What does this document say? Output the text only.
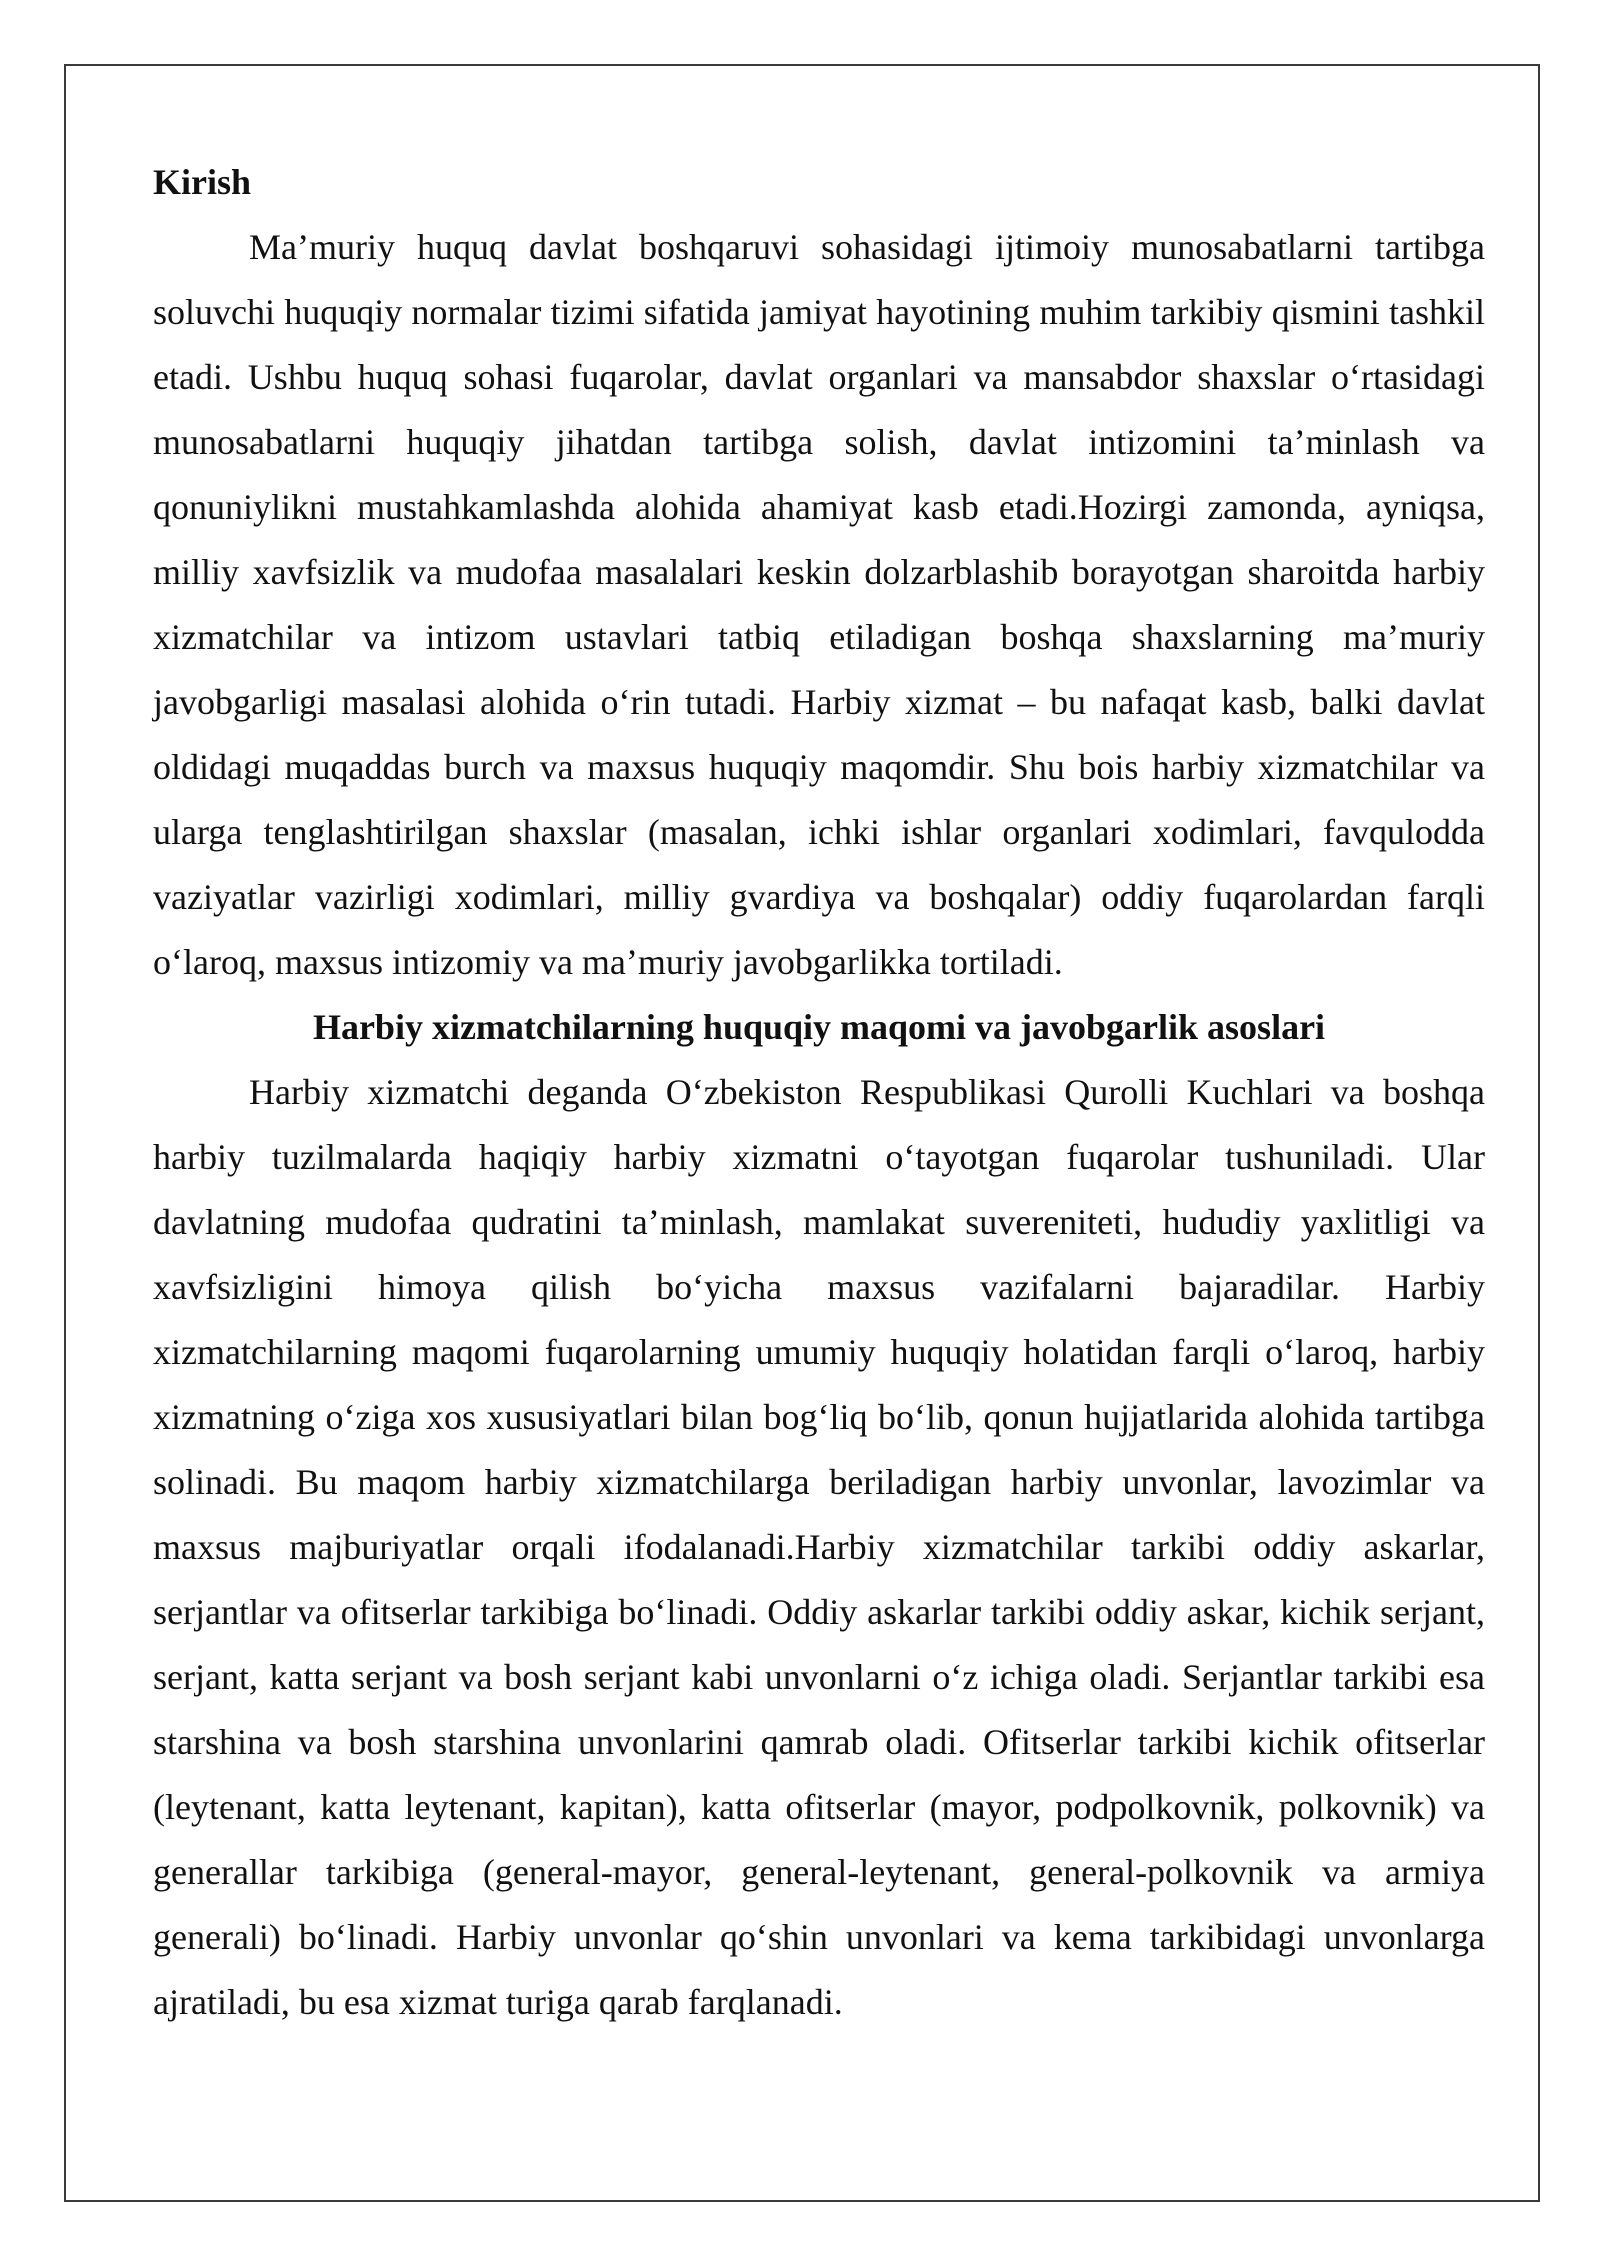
Kirish

Ma’muriy huquq davlat boshqaruvi sohasidagi ijtimoiy munosabatlarni tartibga soluvchi huquqiy normalar tizimi sifatida jamiyat hayotining muhim tarkibiy qismini tashkil etadi. Ushbu huquq sohasi fuqarolar, davlat organlari va mansabdor shaxslar o‘rtasidagi munosabatlarni huquqiy jihatdan tartibga solish, davlat intizomini ta’minlash va qonuniylikni mustahkamlashda alohida ahamiyat kasb etadi.Hozirgi zamonda, ayniqsa, milliy xavfsizlik va mudofaa masalalari keskin dolzarblashib borayotgan sharoitda harbiy xizmatchilar va intizom ustavlari tatbiq etiladigan boshqa shaxslarning ma’muriy javobgarligi masalasi alohida o‘rin tutadi. Harbiy xizmat – bu nafaqat kasb, balki davlat oldidagi muqaddas burch va maxsus huquqiy maqomdir. Shu bois harbiy xizmatchilar va ularga tenglashtirilgan shaxslar (masalan, ichki ishlar organlari xodimlari, favqulodda vaziyatlar vazirligi xodimlari, milliy gvardiya va boshqalar) oddiy fuqarolardan farqli o‘laroq, maxsus intizomiy va ma’muriy javobgarlikka tortiladi.

Harbiy xizmatchilarning huquqiy maqomi va javobgarlik asoslari

Harbiy xizmatchi deganda O‘zbekiston Respublikasi Qurolli Kuchlari va boshqa harbiy tuzilmalarda haqiqiy harbiy xizmatni o‘tayotgan fuqarolar tushuniladi. Ular davlatning mudofaa qudratini ta’minlash, mamlakat suvereniteti, hududiy yaxlitligi va xavfsizligini himoya qilish bo‘yicha maxsus vazifalarni bajaradilar. Harbiy xizmatchilarning maqomi fuqarolarning umumiy huquqiy holatidan farqli o‘laroq, harbiy xizmatning o‘ziga xos xususiyatlari bilan bog‘liq bo‘lib, qonun hujjatlarida alohida tartibga solinadi. Bu maqom harbiy xizmatchilarga beriladigan harbiy unvonlar, lavozimlar va maxsus majburiyatlar orqali ifodalanadi.Harbiy xizmatchilar tarkibi oddiy askarlar, serjantlar va ofitserlar tarkibiga bo‘linadi. Oddiy askarlar tarkibi oddiy askar, kichik serjant, serjant, katta serjant va bosh serjant kabi unvonlarni o‘z ichiga oladi. Serjantlar tarkibi esa starshina va bosh starshina unvonlarini qamrab oladi. Ofitserlar tarkibi kichik ofitserlar (leytenant, katta leytenant, kapitan), katta ofitserlar (mayor, podpolkovnik, polkovnik) va generallar tarkibiga (general-mayor, general-leytenant, general-polkovnik va armiya generali) bo‘linadi. Harbiy unvonlar qo‘shin unvonlari va kema tarkibidagi unvonlarga ajratiladi, bu esa xizmat turiga qarab farqlanadi.
